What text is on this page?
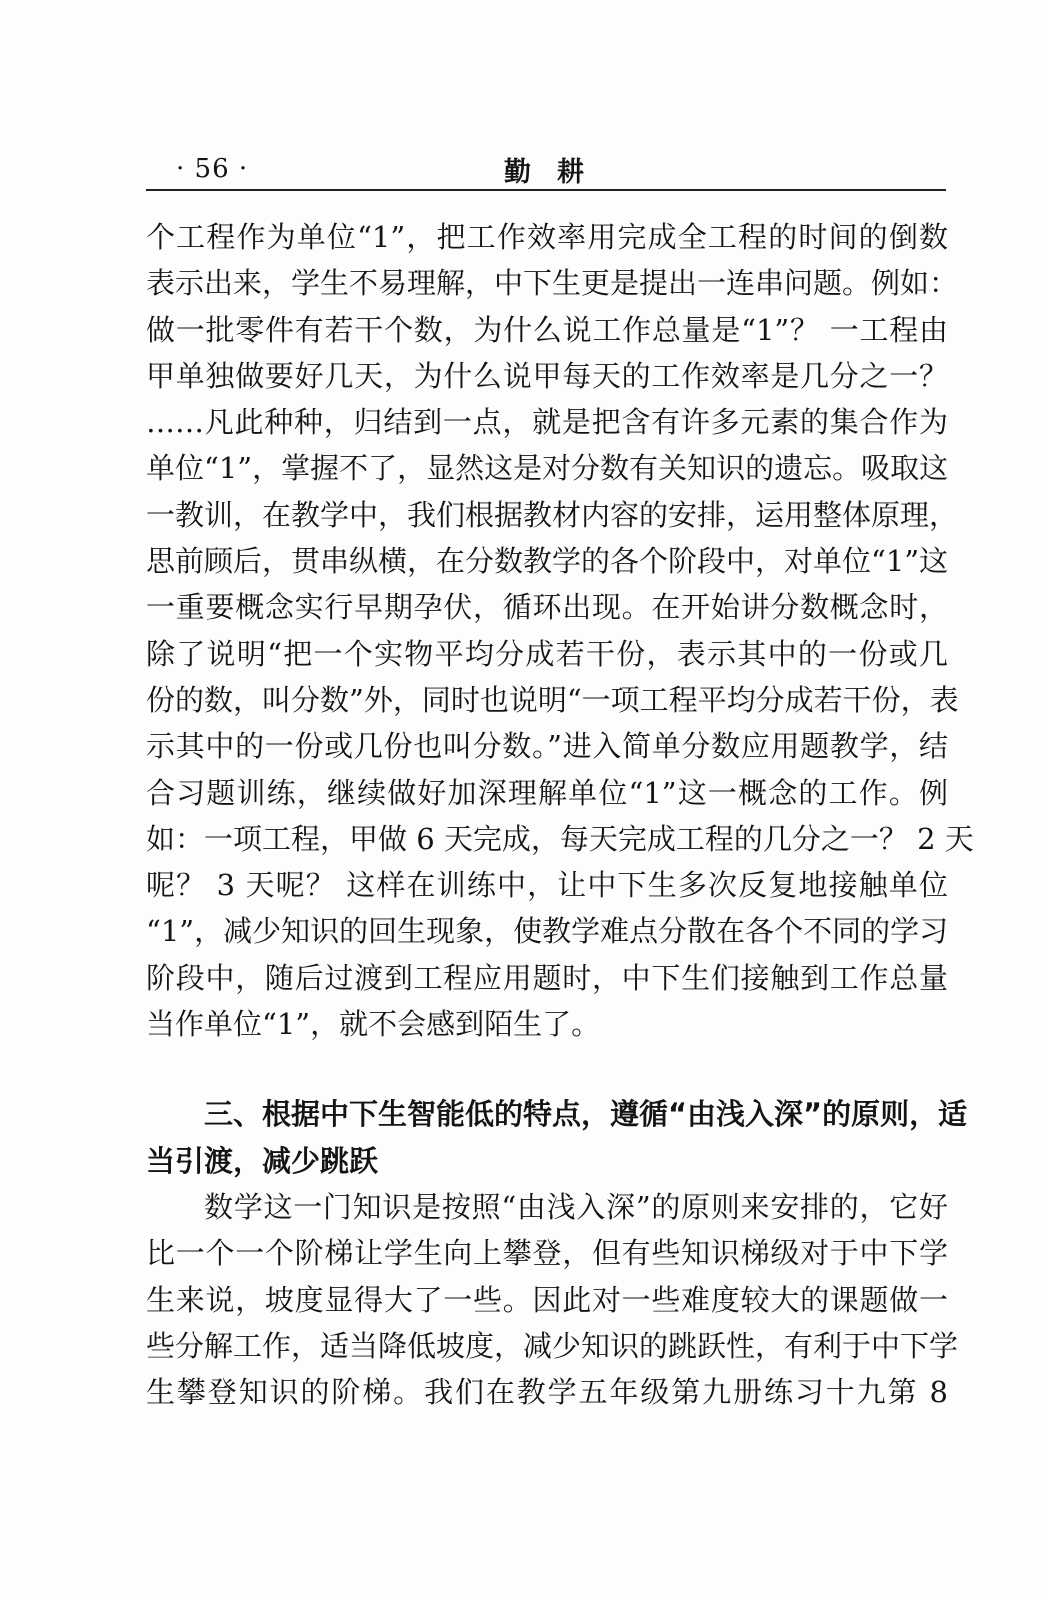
· 56 ·	勤耕
个工程作为单位“1”，把工作效率用完成全工程的时间的倒数
表示出来，学生不易理解，中下生更是提出一连串问题。例如：
做一批零件有若干个数，为什么说工作总量是“1”？ 一工程由
甲单独做要好几天，为什么说甲每天的工作效率是几分之一？
……凡此种种，归结到一点，就是把含有许多元素的集合作为
单位“1”，掌握不了，显然这是对分数有关知识的遗忘。吸取这
一教训，在教学中，我们根据教材内容的安排，运用整体原理，
思前顾后，贯串纵横，在分数教学的各个阶段中，对单位“1”这
一重要概念实行早期孕伏，循环出现。在开始讲分数概念时，
除了说明“把一个实物平均分成若干份，表示其中的一份或几
份的数，叫分数”外，同时也说明“一项工程平均分成若干份，表
示其中的一份或几份也叫分数。”进入简单分数应用题教学，结
合习题训练，继续做好加深理解单位“1”这一概念的工作。例
如：一项工程，甲做 6 天完成，每天完成工程的几分之一？ 2 天
呢？ 3 天呢？ 这样在训练中，让中下生多次反复地接触单位
“1”，减少知识的回生现象，使教学难点分散在各个不同的学习
阶段中，随后过渡到工程应用题时，中下生们接触到工作总量
当作单位“1”，就不会感到陌生了。
三、根据中下生智能低的特点，遵循“由浅入深”的原则，适
当引渡，减少跳跃
数学这一门知识是按照“由浅入深”的原则来安排的，它好
比一个一个阶梯让学生向上攀登，但有些知识梯级对于中下学
生来说，坡度显得大了一些。因此对一些难度较大的课题做一
些分解工作，适当降低坡度，减少知识的跳跃性，有利于中下学
生攀登知识的阶梯。我们在教学五年级第九册练习十九第 8
